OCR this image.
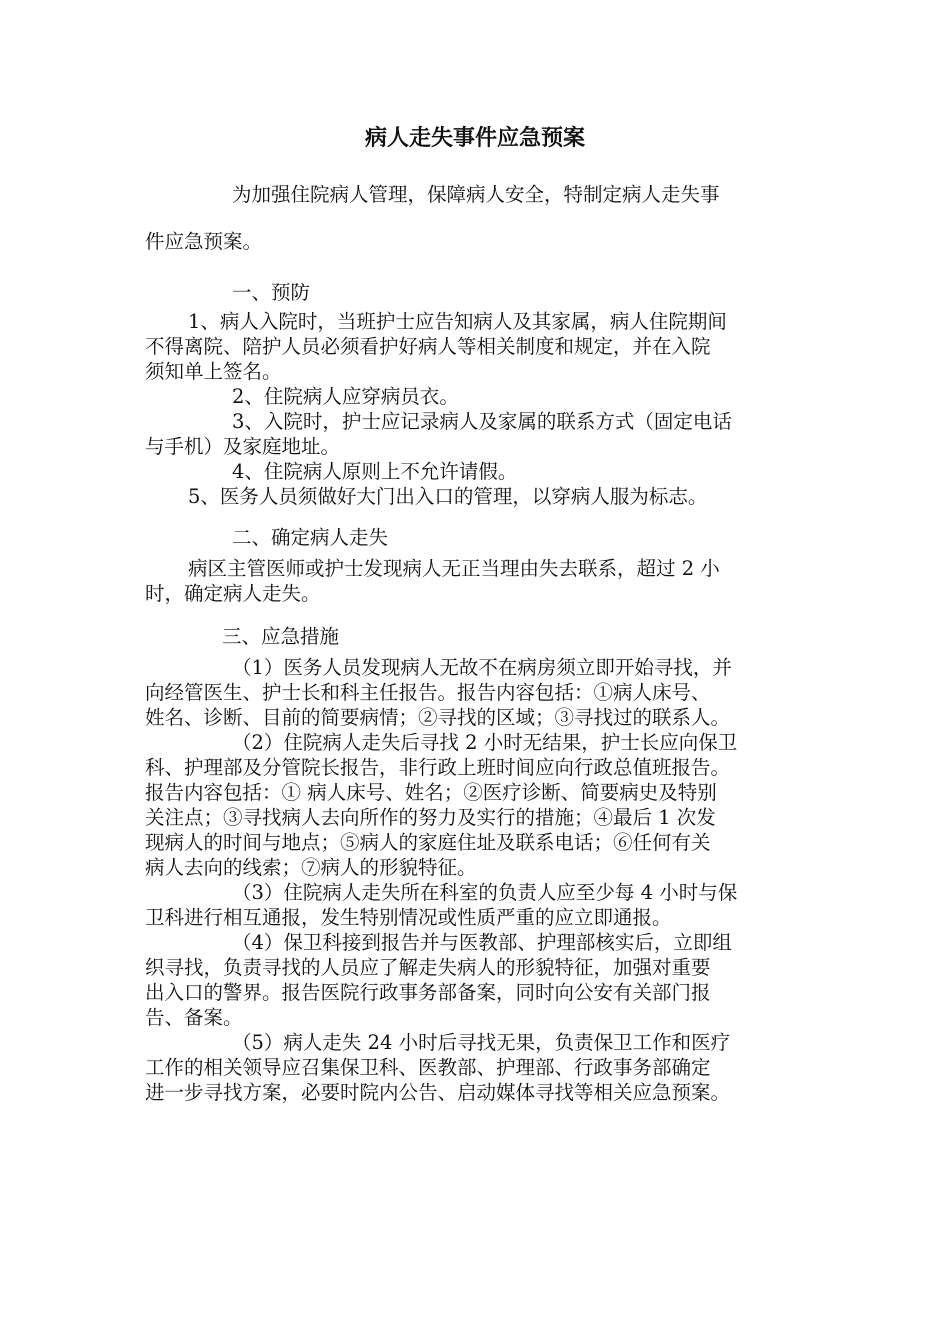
病人走失事件应急预案
为加强住院病人管理，保障病人安全，特制定病人走失事
件应急预案。
一、预防
1、病人入院时，当班护士应告知病人及其家属，病人住院期间
不得离院、陪护人员必须看护好病人等相关制度和规定，并在入院
须知单上签名。
2、住院病人应穿病员衣。
3、入院时，护士应记录病人及家属的联系方式（固定电话
与手机）及家庭地址。
4、住院病人原则上不允许请假。
5、医务人员须做好大门出入口的管理，以穿病人服为标志。
二、确定病人走失
病区主管医师或护士发现病人无正当理由失去联系，超过 2 小
时，确定病人走失。
三、应急措施
（1）医务人员发现病人无故不在病房须立即开始寻找，并
向经管医生、护士长和科主任报告。报告内容包括：①病人床号、
姓名、诊断、目前的简要病情；②寻找的区域；③寻找过的联系人。
（2）住院病人走失后寻找 2 小时无结果，护士长应向保卫
科、护理部及分管院长报告，非行政上班时间应向行政总值班报告。
报告内容包括：① 病人床号、姓名；②医疗诊断、简要病史及特别
关注点；③寻找病人去向所作的努力及实行的措施；④最后 1 次发
现病人的时间与地点；⑤病人的家庭住址及联系电话；⑥任何有关
病人去向的线索；⑦病人的形貌特征。
（3）住院病人走失所在科室的负责人应至少每 4 小时与保
卫科进行相互通报，发生特别情况或性质严重的应立即通报。
（4）保卫科接到报告并与医教部、护理部核实后，立即组
织寻找，负责寻找的人员应了解走失病人的形貌特征，加强对重要
出入口的警界。报告医院行政事务部备案，同时向公安有关部门报
告、备案。
（5）病人走失 24 小时后寻找无果，负责保卫工作和医疗
工作的相关领导应召集保卫科、医教部、护理部、行政事务部确定
进一步寻找方案，必要时院内公告、启动媒体寻找等相关应急预案。
